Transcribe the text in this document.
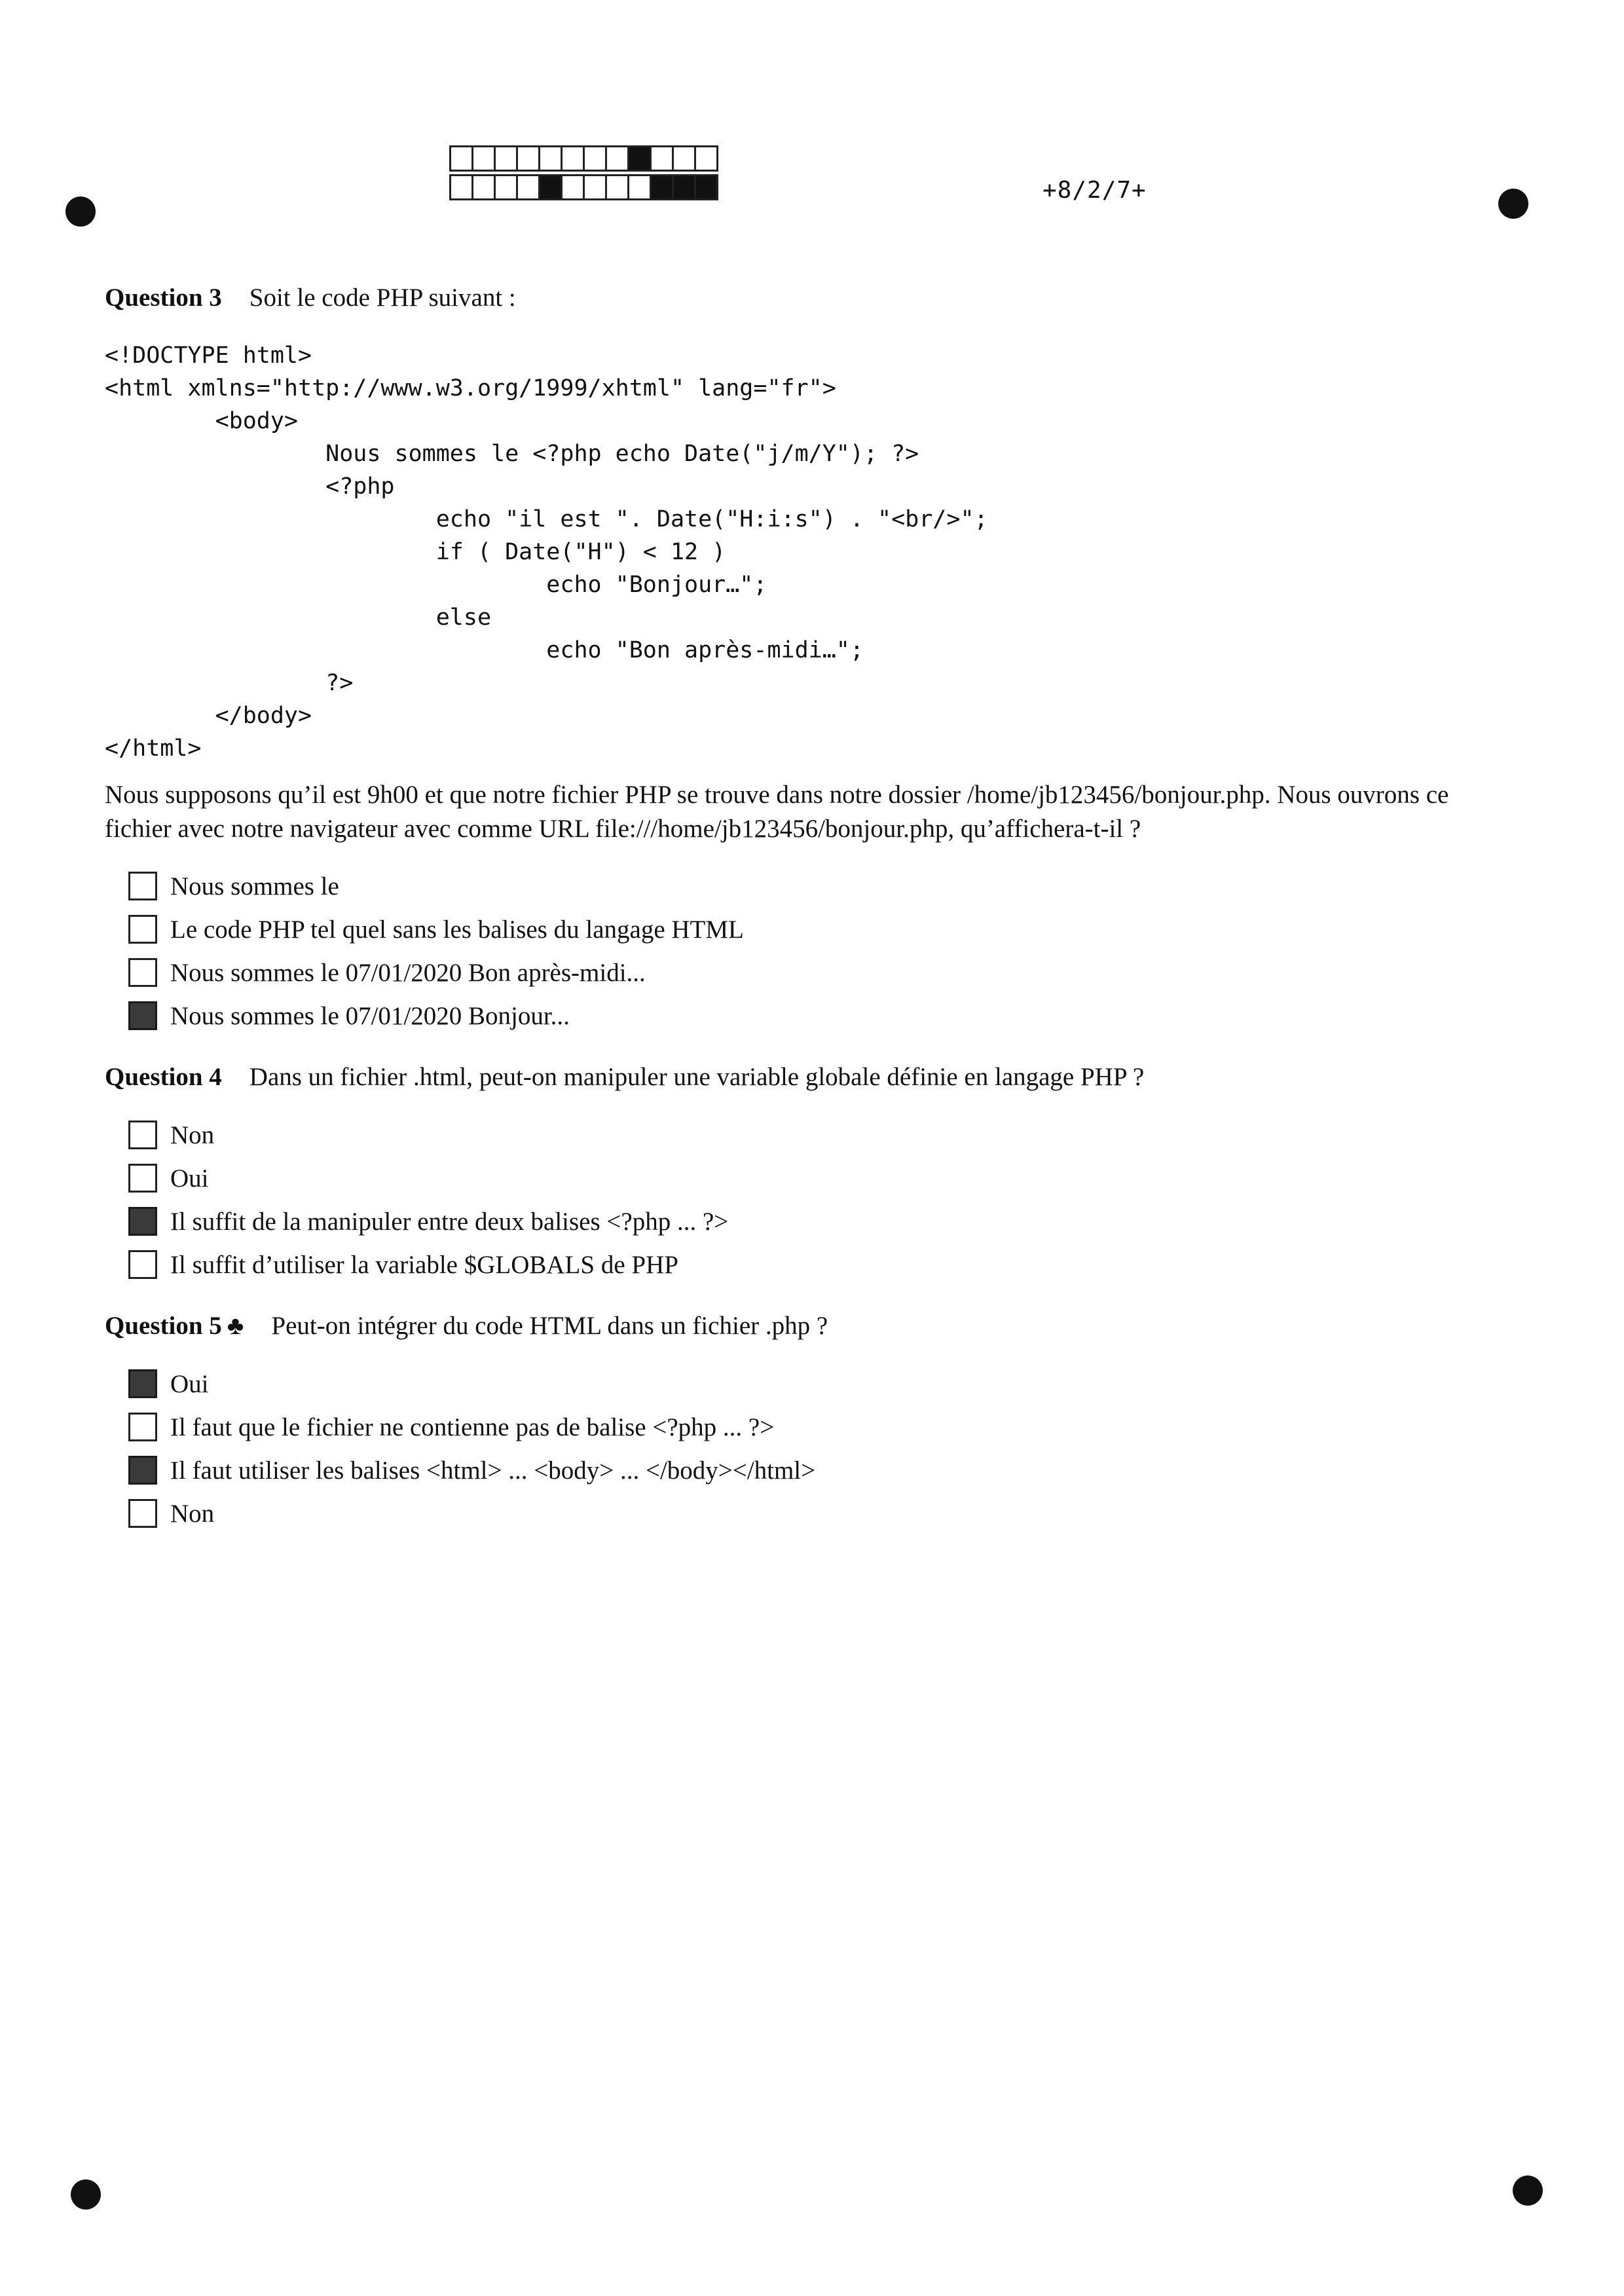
+8/2/7+
Question 3 Soit le code PHP suivant :
<!DOCTYPE html>
<html xmlns="http://www.w3.org/1999/xhtml" lang="fr">
<body>
Nous sommes le <?php echo Date("j/m/Y"); ?>
<?php
echo "il est ". Date("H:i:s") . "<br/>";
if ( Date("H") < 12 )
echo "Bonjour…";
else
echo "Bon après-midi…";
?>
</body>
</html>
Nous supposons qu’il est 9h00 et que notre fichier PHP se trouve dans notre dossier /home/jb123456/bonjour.php. Nous ouvrons ce fichier avec notre navigateur avec comme URL file:///home/jb123456/bonjour.php, qu’affichera-t-il ?
Nous sommes le
Le code PHP tel quel sans les balises du langage HTML
Nous sommes le 07/01/2020 Bon après-midi...
Nous sommes le 07/01/2020 Bonjour...
Question 4 Dans un fichier .html, peut-on manipuler une variable globale définie en langage PHP ?
Non
Oui
Il suffit de la manipuler entre deux balises <?php ... ?>
Il suffit d’utiliser la variable $GLOBALS de PHP
Question 5 ♣ Peut-on intégrer du code HTML dans un fichier .php ?
Oui
Il faut que le fichier ne contienne pas de balise <?php ... ?>
Il faut utiliser les balises <html> ... <body> ... </body></html>
Non
